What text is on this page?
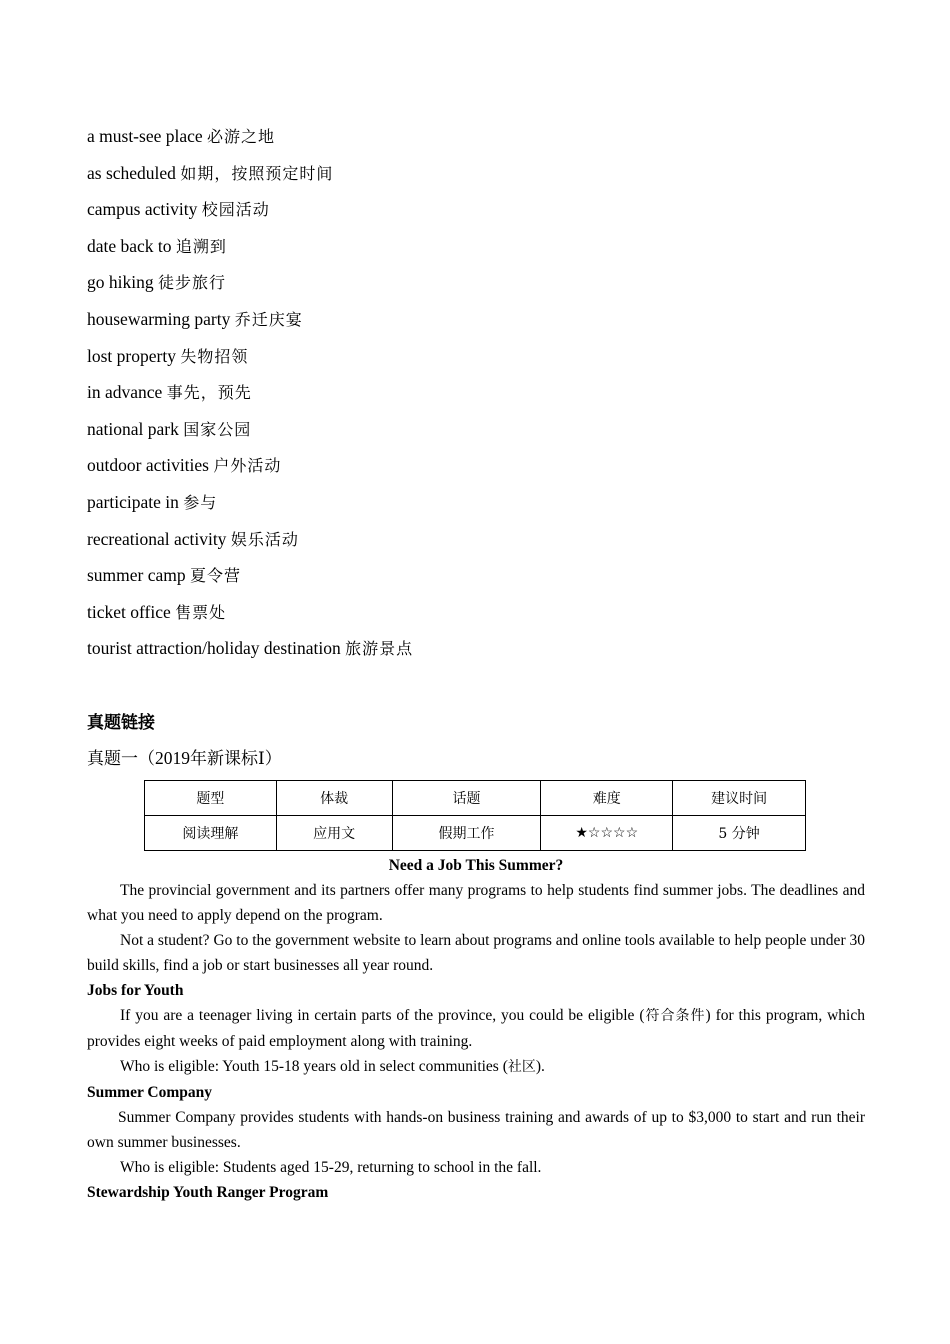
a must-see place 必游之地
as scheduled 如期，按照预定时间
campus activity 校园活动
date back to 追溯到
go hiking 徒步旅行
housewarming party 乔迁庆宴
lost property 失物招领
in advance 事先，预先
national park 国家公园
outdoor activities 户外活动
participate in 参与
recreational activity 娱乐活动
summer camp 夏令营
ticket office 售票处
tourist attraction/holiday destination 旅游景点
真题链接
真题一（2019年新课标Ⅰ）
题型	体裁	话题	难度	建议时间
阅读理解	应用文	假期工作	★☆☆☆☆	5 分钟

Need a Job This Summer?

The provincial government and its partners offer many programs to help students find summer jobs. The deadlines and what you need to apply depend on the program.

Not a student? Go to the government website to learn about programs and online tools available to help people under 30 build skills, find a job or start businesses all year round.

Jobs for Youth

If you are a teenager living in certain parts of the province, you could be eligible (符合条件) for this program, which provides eight weeks of paid employment along with training.

Who is eligible: Youth 15-18 years old in select communities (社区).

Summer Company

Summer Company provides students with hands-on business training and awards of up to $3,000 to start and run their own summer businesses.

Who is eligible: Students aged 15-29, returning to school in the fall.

Stewardship Youth Ranger Program
